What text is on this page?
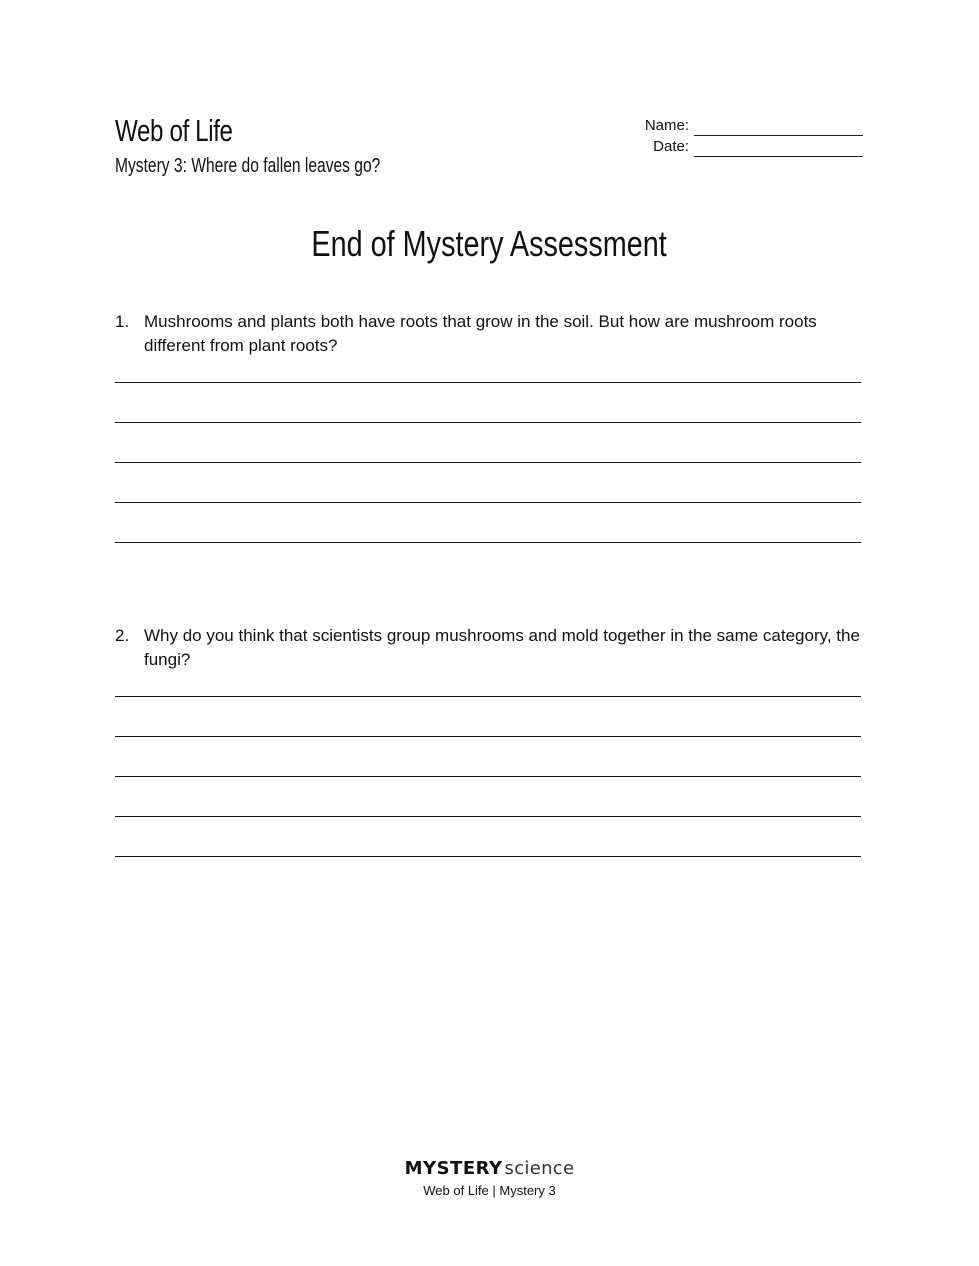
Web of Life
Mystery 3: Where do fallen leaves go?
Name:
Date:
End of Mystery Assessment
1. Mushrooms and plants both have roots that grow in the soil. But how are mushroom roots different from plant roots?
2. Why do you think that scientists group mushrooms and mold together in the same category, the fungi?
MYSTERY science
Web of Life | Mystery 3
